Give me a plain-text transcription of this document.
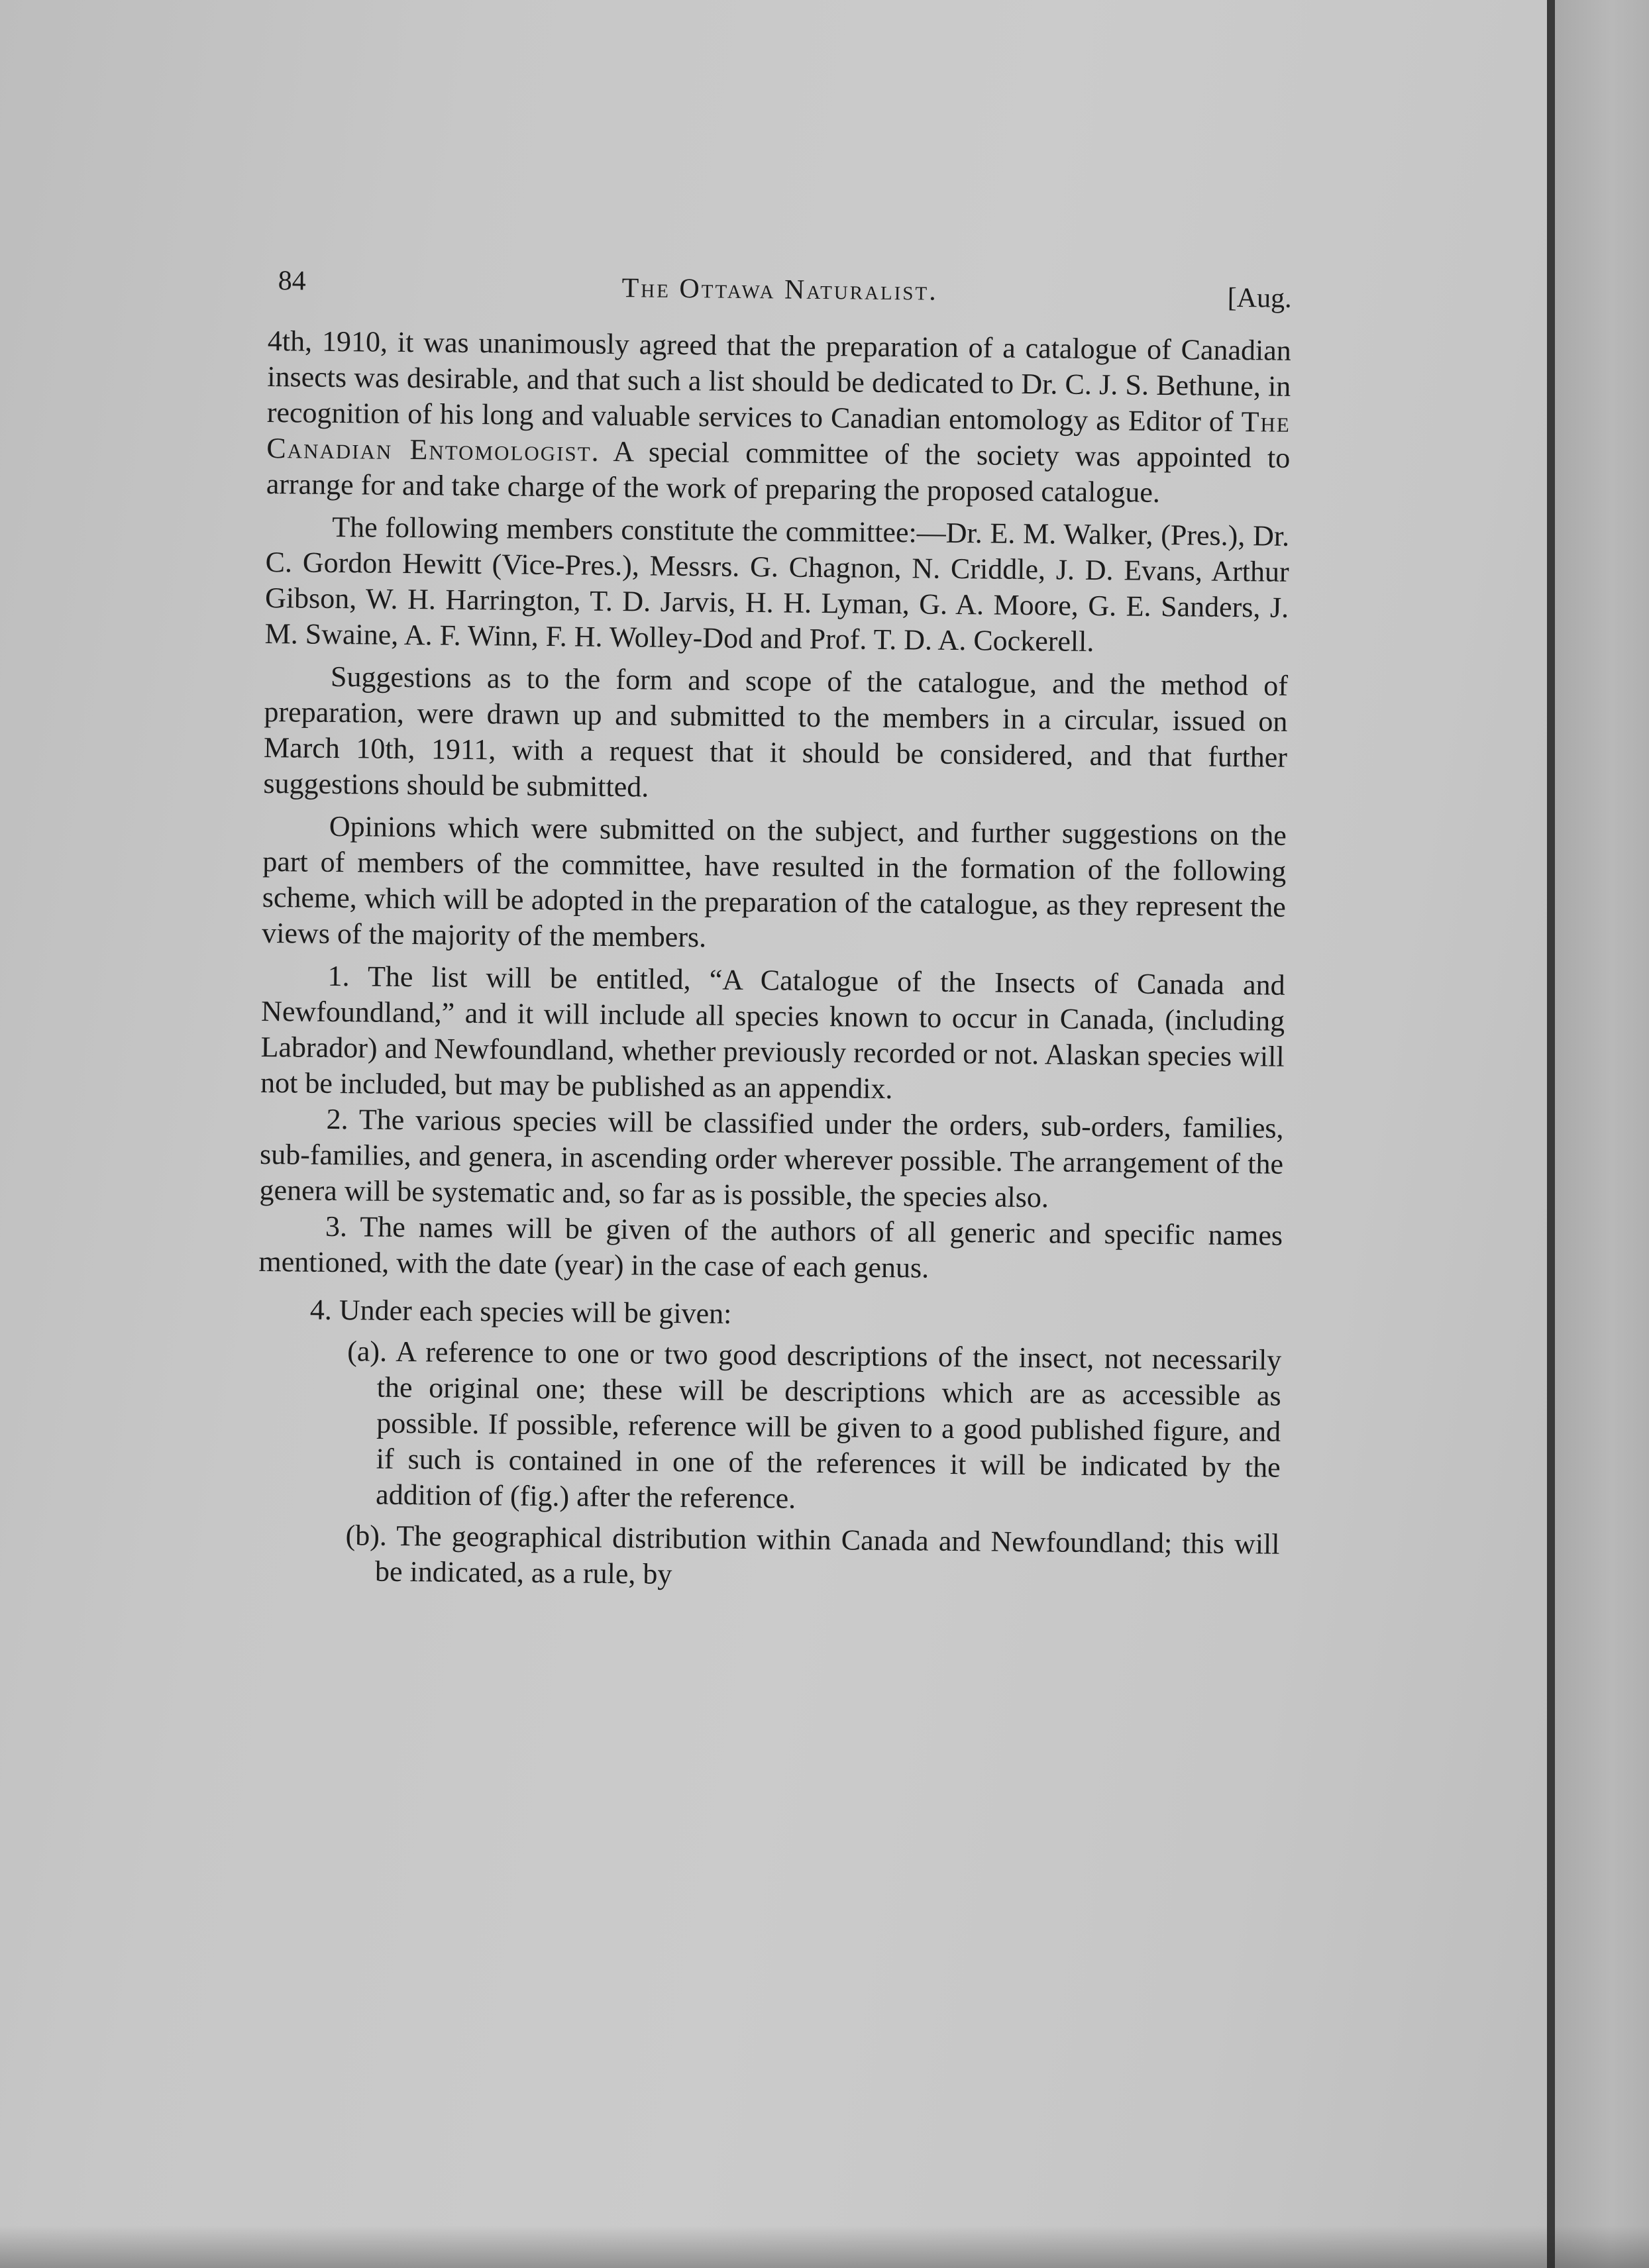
84	The Ottawa Naturalist.	[Aug.

4th, 1910, it was unanimously agreed that the preparation of a catalogue of Canadian insects was desirable, and that such a list should be dedicated to Dr. C. J. S. Bethune, in recognition of his long and valuable services to Canadian entomology as Editor of The Canadian Entomologist. A special committee of the society was appointed to arrange for and take charge of the work of preparing the proposed catalogue.

The following members constitute the committee:—Dr. E. M. Walker, (Pres.), Dr. C. Gordon Hewitt (Vice-Pres.), Messrs. G. Chagnon, N. Criddle, J. D. Evans, Arthur Gibson, W. H. Harrington, T. D. Jarvis, H. H. Lyman, G. A. Moore, G. E. Sanders, J. M. Swaine, A. F. Winn, F. H. Wolley-Dod and Prof. T. D. A. Cockerell.

Suggestions as to the form and scope of the catalogue, and the method of preparation, were drawn up and submitted to the members in a circular, issued on March 10th, 1911, with a request that it should be considered, and that further suggestions should be submitted.

Opinions which were submitted on the subject, and further suggestions on the part of members of the committee, have resulted in the formation of the following scheme, which will be adopted in the preparation of the catalogue, as they represent the views of the majority of the members.

1. The list will be entitled, “A Catalogue of the Insects of Canada and Newfoundland,” and it will include all species known to occur in Canada, (including Labrador) and Newfoundland, whether previously recorded or not. Alaskan species will not be included, but may be published as an appendix.

2. The various species will be classified under the orders, sub-orders, families, sub-families, and genera, in ascending order wherever possible. The arrangement of the genera will be systematic and, so far as is possible, the species also.

3. The names will be given of the authors of all generic and specific names mentioned, with the date (year) in the case of each genus.

4. Under each species will be given:

(a). A reference to one or two good descriptions of the insect, not necessarily the original one; these will be descriptions which are as accessible as possible. If possible, reference will be given to a good published figure, and if such is contained in one of the references it will be indicated by the addition of (fig.) after the reference.

(b). The geographical distribution within Canada and Newfoundland; this will be indicated, as a rule, by
